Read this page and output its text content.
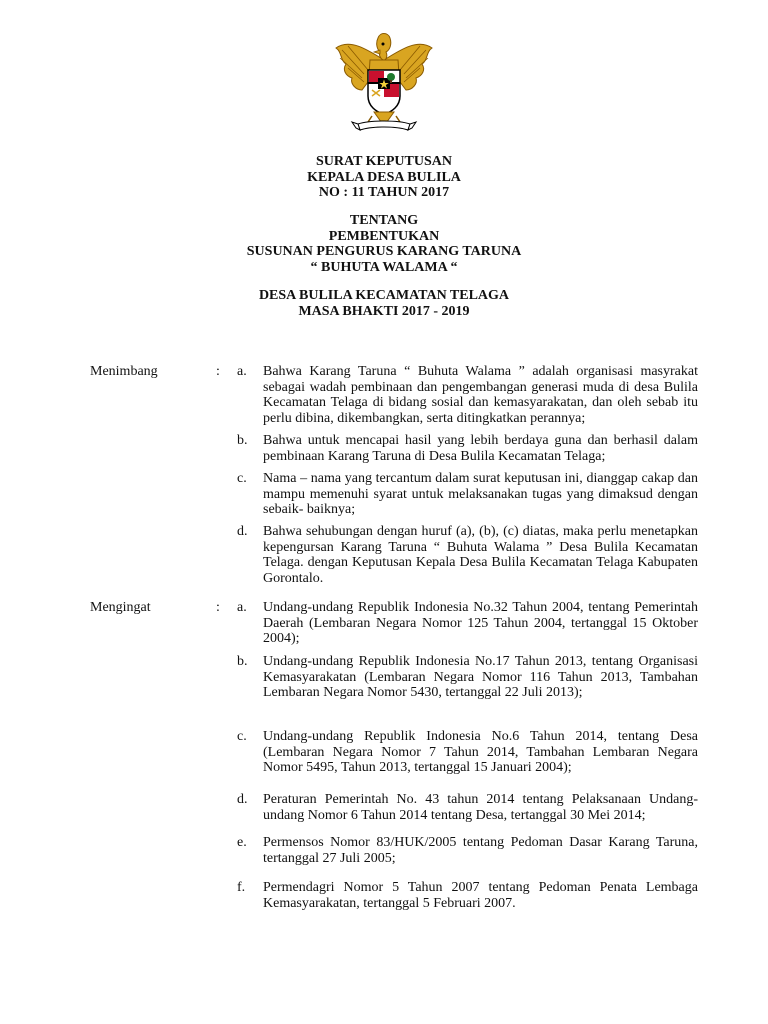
SURAT KEPUTUSAN
KEPALA DESA BULILA
NO : 11 TAHUN 2017
TENTANG
PEMBENTUKAN
SUSUNAN PENGURUS KARANG TARUNA
“ BUHUTA WALAMA “
DESA BULILA KECAMATAN TELAGA
MASA BHAKTI 2017 - 2019
Menimbang	: a. Bahwa Karang Taruna “ Buhuta Walama ” adalah organisasi masyrakat sebagai wadah pembinaan dan pengembangan generasi muda di desa Bulila Kecamatan Telaga di bidang sosial dan kemasyarakatan, dan oleh sebab itu perlu dibina, dikembangkan, serta ditingkatkan perannya;
b. Bahwa untuk mencapai hasil yang lebih berdaya guna dan berhasil dalam pembinaan Karang Taruna di Desa Bulila Kecamatan Telaga;
c. Nama – nama yang tercantum dalam surat keputusan ini, dianggap cakap dan mampu memenuhi syarat untuk melaksanakan tugas yang dimaksud dengan sebaik- baiknya;
d. Bahwa sehubungan dengan huruf (a), (b), (c) diatas, maka perlu menetapkan kepengursan Karang Taruna “ Buhuta Walama ” Desa Bulila Kecamatan Telaga. dengan Keputusan Kepala Desa Bulila Kecamatan Telaga Kabupaten Gorontalo.
Mengingat	: a. Undang-undang Republik Indonesia No.32 Tahun 2004, tentang Pemerintah Daerah (Lembaran Negara Nomor 125 Tahun 2004, tertanggal 15 Oktober 2004);
b. Undang-undang Republik Indonesia No.17 Tahun 2013, tentang Organisasi Kemasyarakatan (Lembaran Negara Nomor 116 Tahun 2013, Tambahan Lembaran Negara Nomor 5430, tertanggal 22 Juli 2013);
c. Undang-undang Republik Indonesia No.6 Tahun 2014, tentang Desa (Lembaran Negara Nomor 7 Tahun 2014, Tambahan Lembaran Negara Nomor 5495, Tahun 2013, tertanggal 15 Januari 2004);
d. Peraturan Pemerintah No. 43 tahun 2014 tentang Pelaksanaan Undang-undang Nomor 6 Tahun 2014 tentang Desa, tertanggal 30 Mei 2014;
e. Permensos Nomor 83/HUK/2005 tentang Pedoman Dasar Karang Taruna, tertanggal 27 Juli 2005;
f. Permendagri Nomor 5 Tahun 2007 tentang Pedoman Penata Lembaga Kemasyarakatan, tertanggal 5 Februari 2007.
